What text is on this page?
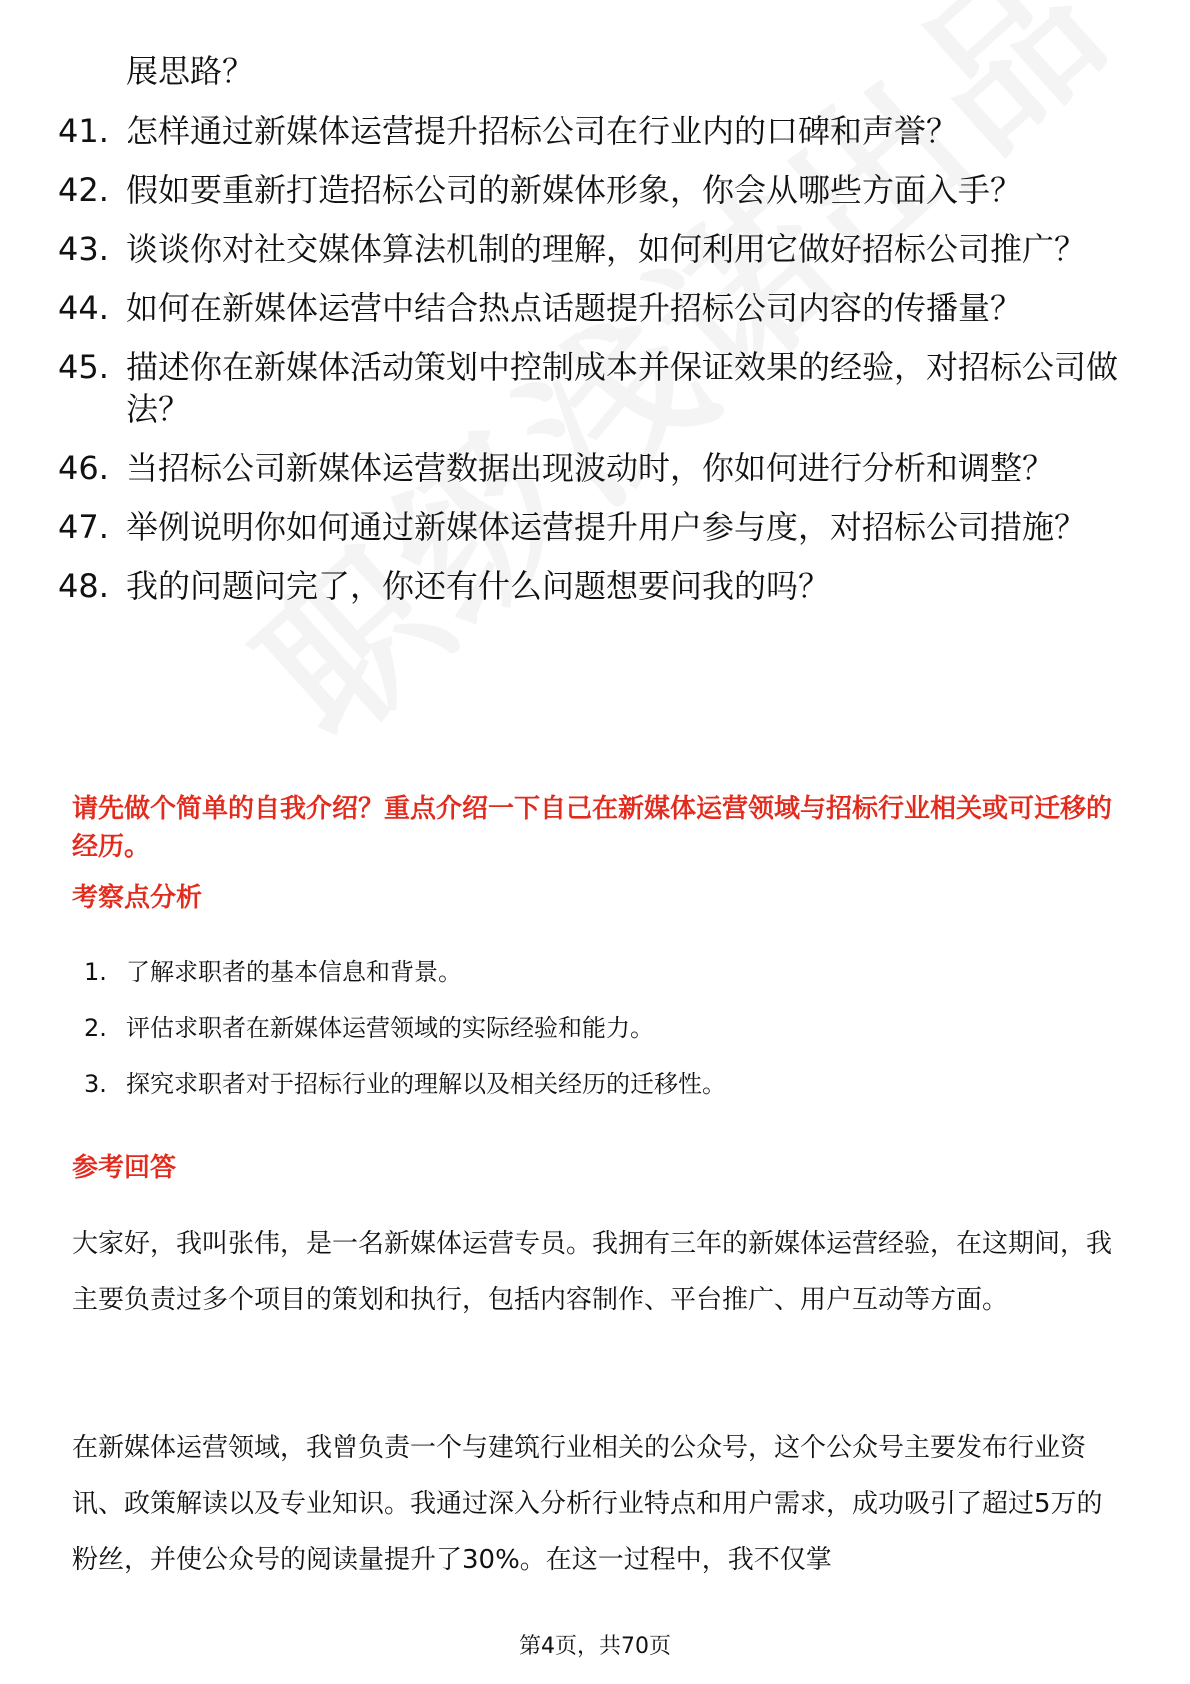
展思路？
41. 怎样通过新媒体运营提升招标公司在行业内的口碑和声誉？
42. 假如要重新打造招标公司的新媒体形象，你会从哪些方面入手？
43. 谈谈你对社交媒体算法机制的理解，如何利用它做好招标公司推广？
44. 如何在新媒体运营中结合热点话题提升招标公司内容的传播量？
45. 描述你在新媒体活动策划中控制成本并保证效果的经验，对招标公司做法？
46. 当招标公司新媒体运营数据出现波动时，你如何进行分析和调整？
47. 举例说明你如何通过新媒体运营提升用户参与度，对招标公司措施？
48. 我的问题问完了，你还有什么问题想要问我的吗？
请先做个简单的自我介绍？重点介绍一下自己在新媒体运营领域与招标行业相关或可迁移的经历。
考察点分析
1. 了解求职者的基本信息和背景。
2. 评估求职者在新媒体运营领域的实际经验和能力。
3. 探究求职者对于招标行业的理解以及相关经历的迁移性。
参考回答

大家好，我叫张伟，是一名新媒体运营专员。我拥有三年的新媒体运营经验，在这期间，我主要负责过多个项目的策划和执行，包括内容制作、平台推广、用户互动等方面。

在新媒体运营领域，我曾负责一个与建筑行业相关的公众号，这个公众号主要发布行业资讯、政策解读以及专业知识。我通过深入分析行业特点和用户需求，成功吸引了超过5万的粉丝，并使公众号的阅读量提升了30%。在这一过程中，我不仅掌

第4页，共70页
